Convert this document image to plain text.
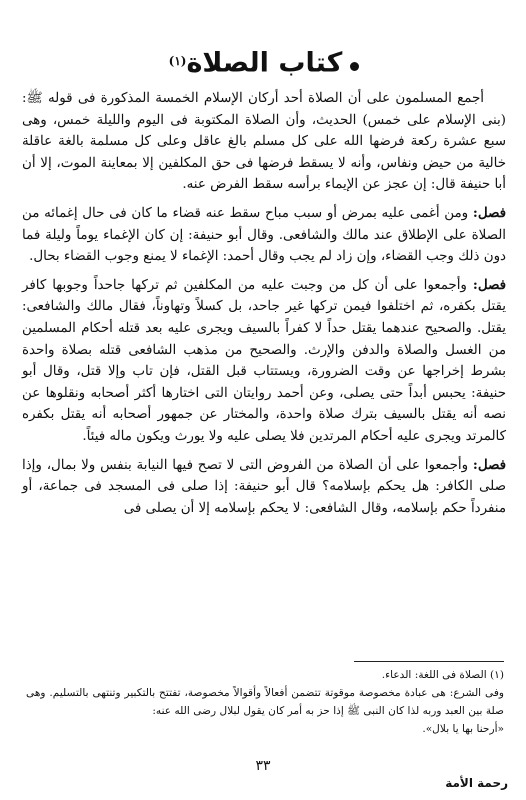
كتاب الصلاة$^{(١)}$

أجمع المسلمون على أن الصلاة أحد أركان الإسلام الخمسة المذكورة فى قوله ﷺ: (بنى الإسلام على خمس) الحديث، وأن الصلاة المكتوبة فى اليوم والليلة خمس، وهى سبع عشرة ركعة فرضها الله على كل مسلم بالغ عاقل وعلى كل مسلمة بالغة عاقلة خالية من حيض ونفاس، وأنه لا يسقط فرضها فى حق المكلفين إلا بمعاينة الموت، إلا أن أبا حنيفة قال: إن عجز عن الإيماء برأسه سقط الفرض عنه.

فصل: ومن أغمى عليه بمرض أو سبب مباح سقط عنه قضاء ما كان فى حال إغمائه من الصلاة على الإطلاق عند مالك والشافعى. وقال أبو حنيفة: إن كان الإغماء يوماً وليلة فما دون ذلك وجب القضاء، وإن زاد لم يجب وقال أحمد: الإغماء لا يمنع وجوب القضاء بحال.

فصل: وأجمعوا على أن كل من وجبت عليه من المكلفين ثم تركها جاحداً وجوبها كافر يقتل بكفره، ثم اختلفوا فيمن تركها غير جاحد، بل كسلاً وتهاوناً، فقال مالك والشافعى: يقتل. والصحيح عندهما يقتل حداً لا كفراً بالسيف ويجرى عليه بعد قتله أحكام المسلمين من الغسل والصلاة والدفن والإرث. والصحيح من مذهب الشافعى قتله بصلاة واحدة بشرط إخراجها عن وقت الضرورة، ويستتاب قبل القتل، فإن تاب وإلا قتل، وقال أبو حنيفة: يحبس أبداً حتى يصلى، وعن أحمد روايتان التى اختارها أكثر أصحابه ونقلوها عن نصه أنه يقتل بالسيف بترك صلاة واحدة، والمختار عن جمهور أصحابه أنه يقتل بكفره كالمرتد ويجرى عليه أحكام المرتدين فلا يصلى عليه ولا يورث ويكون ماله فيئاً.

فصل: وأجمعوا على أن الصلاة من الفروض التى لا تصح فيها النيابة بنفس ولا بمال، وإذا صلى الكافر: هل يحكم بإسلامه؟ قال أبو حنيفة: إذا صلى فى المسجد فى جماعة، أو منفرداً حكم بإسلامه، وقال الشافعى: لا يحكم بإسلامه إلا أن يصلى فى

(١) الصلاة فى اللغة: الدعاء.

وفى الشرع: هى عبادة مخصوصة موقوتة تتضمن أفعالاً وأقوالاً مخصوصة، تفتتح بالتكبير وتنتهى بالتسليم. وهى صلة بين العبد وربه لذا كان النبى ﷺ إذا حز به أمر كان يقول لبلال رضى الله عنه:

«أرحنا بها يا بلال».

٣٣
رحمة الأمة
